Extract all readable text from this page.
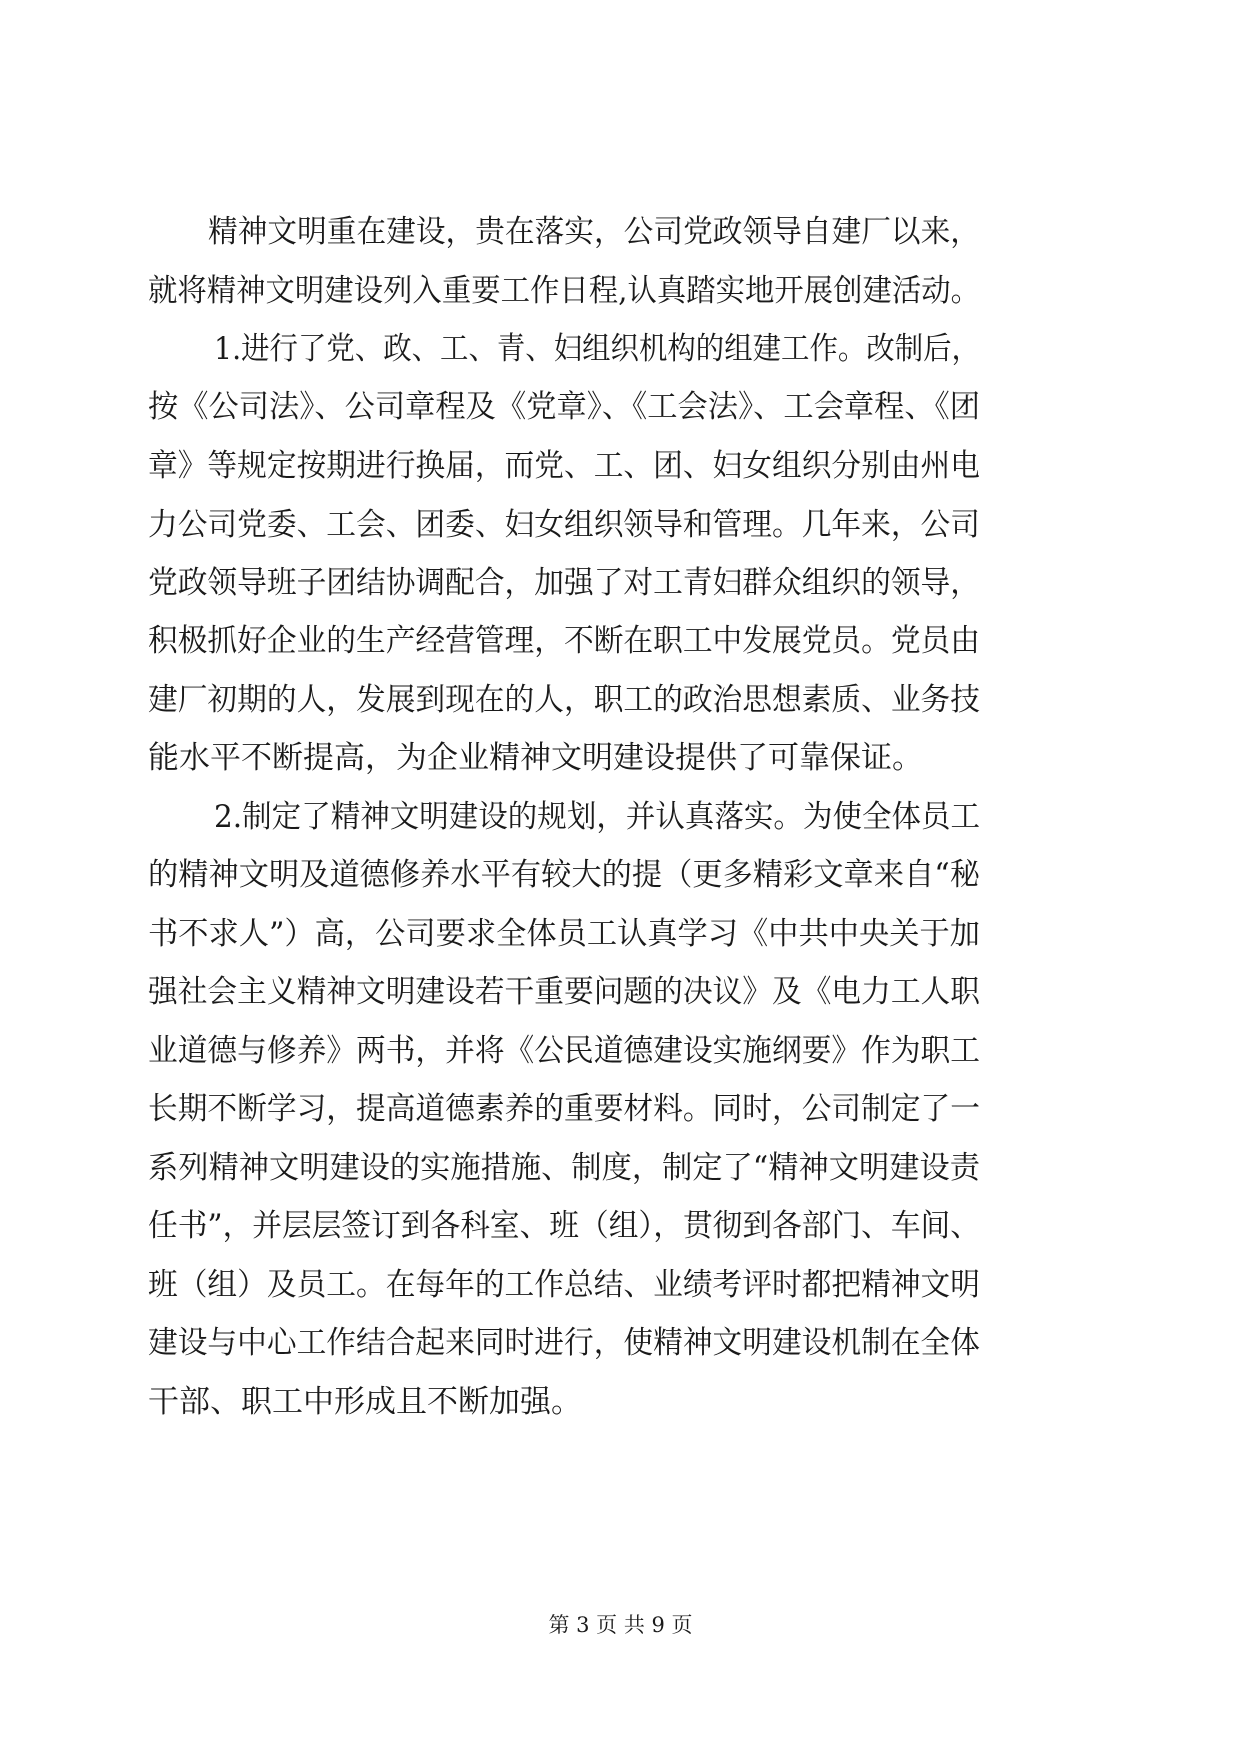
精神文明重在建设，贵在落实，公司党政领导自建厂以来，
就将精神文明建设列入重要工作日程,认真踏实地开展创建活动。
1.进行了党、政、工、青、妇组织机构的组建工作。改制后，
按《公司法》、公司章程及《党章》、《工会法》、工会章程、《团
章》等规定按期进行换届，而党、工、团、妇女组织分别由州电
力公司党委、工会、团委、妇女组织领导和管理。几年来，公司
党政领导班子团结协调配合，加强了对工青妇群众组织的领导，
积极抓好企业的生产经营管理，不断在职工中发展党员。党员由
建厂初期的人，发展到现在的人，职工的政治思想素质、业务技
能水平不断提高，为企业精神文明建设提供了可靠保证。
2.制定了精神文明建设的规划，并认真落实。为使全体员工
的精神文明及道德修养水平有较大的提（更多精彩文章来自“秘
书不求人”）高，公司要求全体员工认真学习《中共中央关于加
强社会主义精神文明建设若干重要问题的决议》及《电力工人职
业道德与修养》两书，并将《公民道德建设实施纲要》作为职工
长期不断学习，提高道德素养的重要材料。同时，公司制定了一
系列精神文明建设的实施措施、制度，制定了“精神文明建设责
任书”，并层层签订到各科室、班（组），贯彻到各部门、车间、
班（组）及员工。在每年的工作总结、业绩考评时都把精神文明
建设与中心工作结合起来同时进行，使精神文明建设机制在全体
干部、职工中形成且不断加强。
第 3 页 共 9 页
